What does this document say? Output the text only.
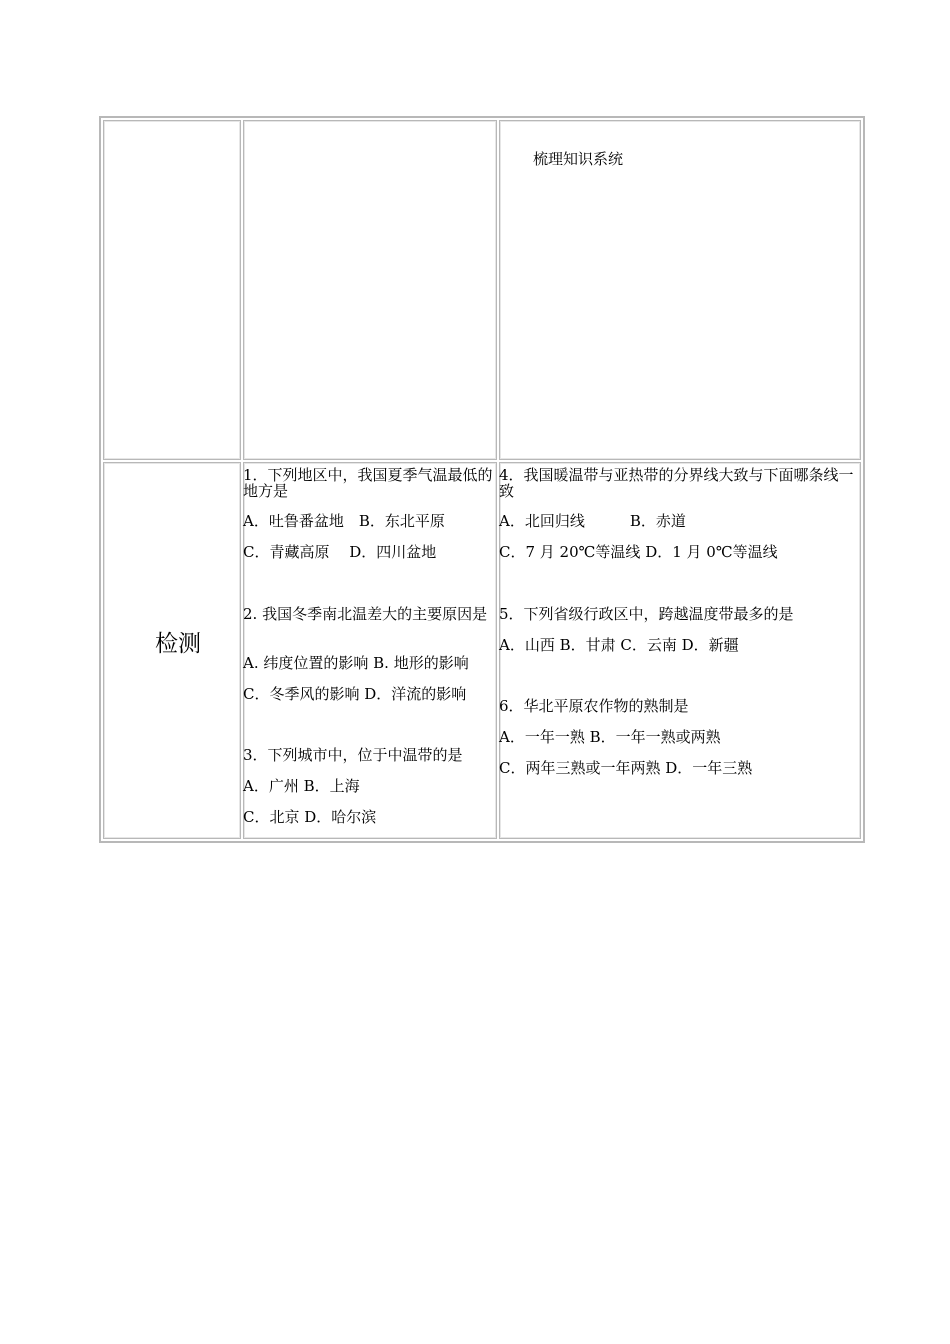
梳理知识系统
检测
1．下列地区中，我国夏季气温最低的地方是
A．吐鲁番盆地　B．东北平原
C．青藏高原　 D．四川盆地
2. 我国冬季南北温差大的主要原因是
A. 纬度位置的影响 B. 地形的影响
C．冬季风的影响 D．洋流的影响
3．下列城市中，位于中温带的是
A．广州 B．上海
C．北京 D．哈尔滨
4．我国暖温带与亚热带的分界线大致与下面哪条线一致
A．北回归线　　　B．赤道
C．7 月 20℃等温线 D．1 月 0℃等温线
5．下列省级行政区中，跨越温度带最多的是
A．山西 B．甘肃 C．云南 D．新疆
6．华北平原农作物的熟制是
A．一年一熟 B．一年一熟或两熟
C．两年三熟或一年两熟 D．一年三熟
